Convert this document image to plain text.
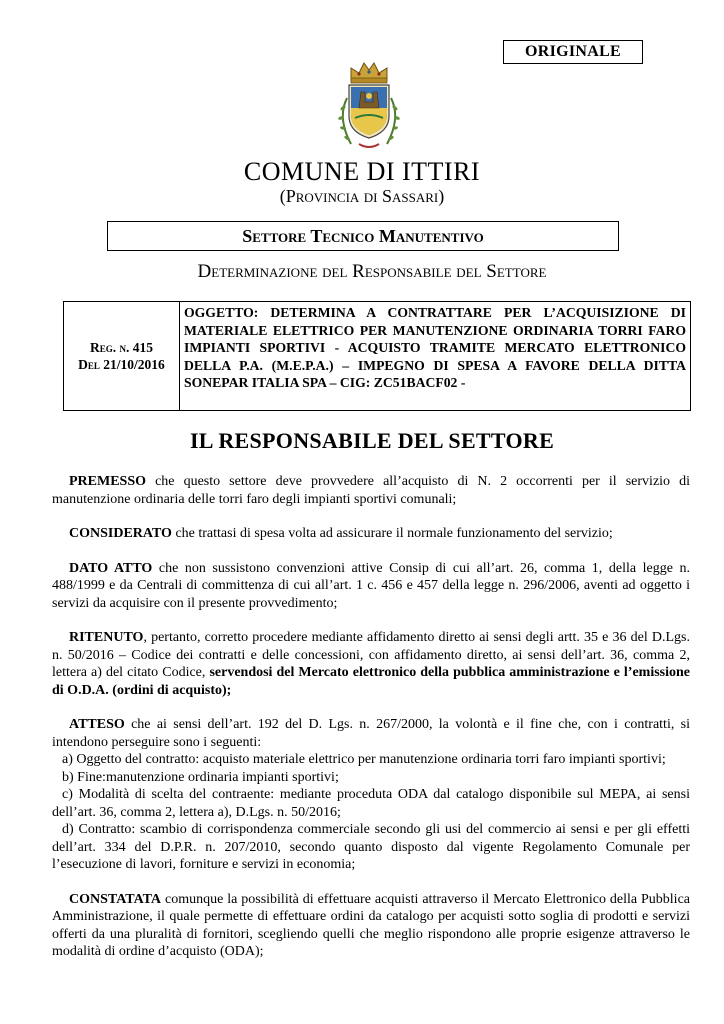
ORIGINALE
COMUNE DI ITTIRI
(Provincia di Sassari)
Settore Tecnico Manutentivo
Determinazione del Responsabile del Settore
Reg. n. 415
Del 21/10/2016
OGGETTO: DETERMINA A CONTRATTARE PER L’ACQUISIZIONE DI MATERIALE ELETTRICO PER MANUTENZIONE ORDINARIA TORRI FARO IMPIANTI SPORTIVI - ACQUISTO TRAMITE MERCATO ELETTRONICO DELLA P.A. (M.E.P.A.) – IMPEGNO DI SPESA A FAVORE DELLA DITTA SONEPAR ITALIA SPA – CIG: ZC51BACF02 -
IL RESPONSABILE DEL SETTORE

PREMESSO che questo settore deve provvedere all’acquisto di N. 2 occorrenti per il servizio di manutenzione ordinaria delle torri faro degli impianti sportivi comunali;

CONSIDERATO che trattasi di spesa volta ad assicurare il normale funzionamento del servizio;

DATO ATTO che non sussistono convenzioni attive Consip di cui all’art. 26, comma 1, della legge n. 488/1999 e da Centrali di committenza di cui all’art. 1 c. 456 e 457 della legge n. 296/2006, aventi ad oggetto i servizi da acquisire con il presente provvedimento;

RITENUTO, pertanto, corretto procedere mediante affidamento diretto ai sensi degli artt. 35 e 36 del D.Lgs. n. 50/2016 – Codice dei contratti e delle concessioni, con affidamento diretto, ai sensi dell’art. 36, comma 2, lettera a) del citato Codice, servendosi del Mercato elettronico della pubblica amministrazione e l’emissione di O.D.A. (ordini di acquisto);

ATTESO che ai sensi dell’art. 192 del D. Lgs. n. 267/2000, la volontà e il fine che, con i contratti, si intendono perseguire sono i seguenti:

a) Oggetto del contratto: acquisto materiale elettrico per manutenzione ordinaria torri faro impianti sportivi;

b) Fine:manutenzione ordinaria impianti sportivi;

c) Modalità di scelta del contraente: mediante proceduta ODA dal catalogo disponibile sul MEPA, ai sensi dell’art. 36, comma 2, lettera a), D.Lgs. n. 50/2016;

d) Contratto: scambio di corrispondenza commerciale secondo gli usi del commercio ai sensi e per gli effetti dell’art. 334 del D.P.R. n. 207/2010, secondo quanto disposto dal vigente Regolamento Comunale per l’esecuzione di lavori, forniture e servizi in economia;

CONSTATATA comunque la possibilità di effettuare acquisti attraverso il Mercato Elettronico della Pubblica Amministrazione, il quale permette di effettuare ordini da catalogo per acquisti sotto soglia di prodotti e servizi offerti da una pluralità di fornitori, scegliendo quelli che meglio rispondono alle proprie esigenze attraverso le modalità di ordine d’acquisto (ODA);
